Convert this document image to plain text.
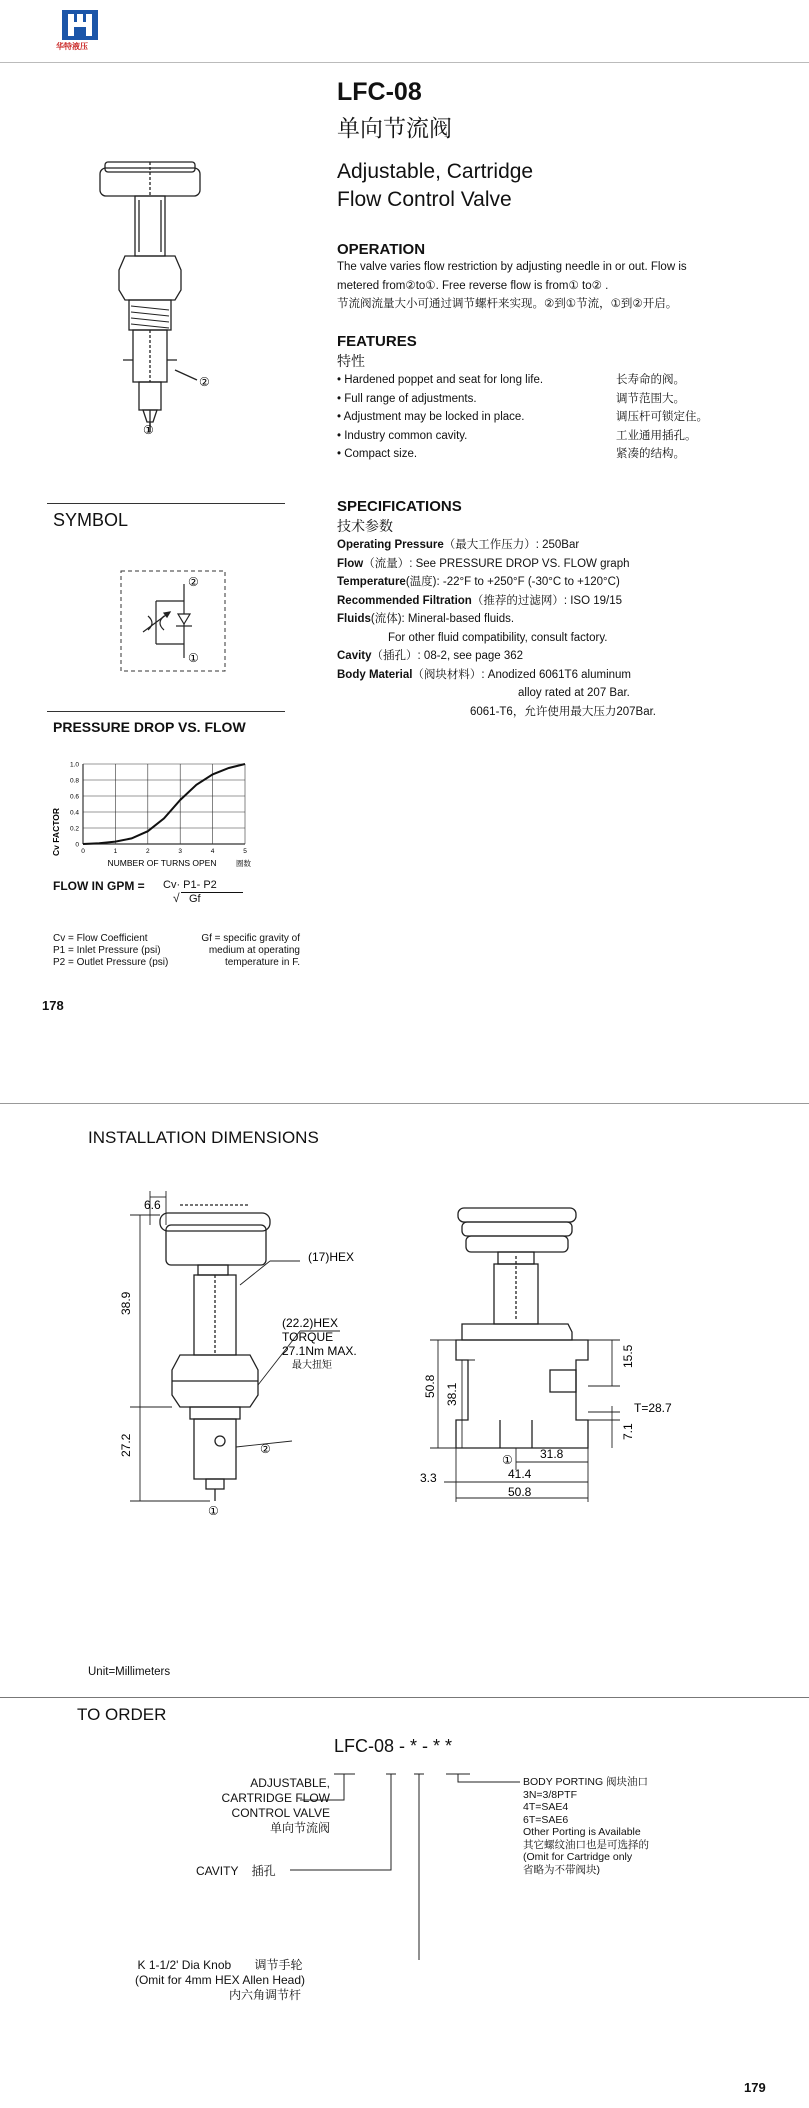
华特液压
LFC-08
单向节流阀
Adjustable, Cartridge
Flow Control Valve
②
①
OPERATION
The valve varies flow restriction by adjusting needle in or out. Flow is
metered from②to①. Free reverse flow is from① to② .
节流阀流量大小可通过调节螺杆来实现。②到①节流，①到②开启。
FEATURES
特性
• Hardened poppet and seat for long life.	长寿命的阀。
• Full range of adjustments.	调节范围大。
• Adjustment may be locked in place.	调压杆可锁定住。
• Industry common cavity.	工业通用插孔。
• Compact size.	紧凑的结构。
SYMBOL
②
①
SPECIFICATIONS
技术参数
Operating Pressure（最大工作压力）: 250Bar
Flow（流量）: See PRESSURE DROP VS. FLOW graph
Temperature(温度): -22°F to +250°F (-30°C to +120°C)
Recommended Filtration（推荐的过滤网）: ISO 19/15
Fluids(流体): Mineral-based fluids.
For other fluid compatibility, consult factory.
Cavity（插孔）: 08-2, see page 362
Body Material（阀块材料）: Anodized 6061T6 aluminum
alloy rated at 207 Bar.
6061-T6，允许使用最大压力207Bar.
PRESSURE DROP VS. FLOW
0
0.2
0.4
0.6
0.8
1.0
0	1	2	3	4	5
Cv FACTOR
NUMBER OF TURNS OPEN	圈数
FLOW IN GPM = Cv· P1- P2
√ Gf
Cv = Flow Coefficient
P1 = Inlet Pressure (psi)
P2 = Outlet Pressure (psi)
Gf = specific gravity of
medium at operating
temperature in F.
178
INSTALLATION DIMENSIONS
6.6
(17)HEX
38.9
(22.2)HEX
TORQUE
27.1Nm MAX.
最大扭矩
27.2	②
①
50.8 38.1
15.5
T=28.7
7.1
① 31.8
3.3	41.4
50.8
Unit=Millimeters
TO ORDER
LFC-08 - * - * *
ADJUSTABLE,
CARTRIDGE FLOW
CONTROL VALVE
单向节流阀
CAVITY    插孔
K 1-1/2' Dia Knob       调节手轮
(Omit for 4mm HEX Allen Head)
内六角调节杆
BODY PORTING 阀块油口
3N=3/8PTF
4T=SAE4
6T=SAE6
Other Porting is Available
其它螺纹油口也是可选择的
(Omit for Cartridge only
省略为不带阀块)
179
